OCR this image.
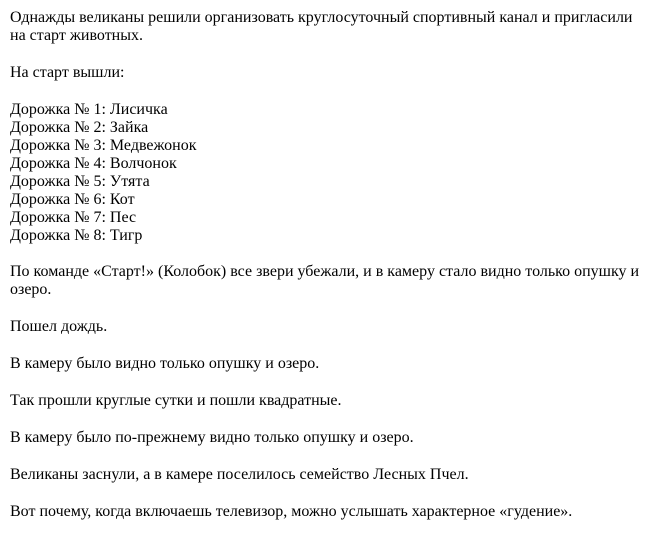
Однажды великаны решили организовать круглосуточный спортивный канал и пригласили на старт животных.

На старт вышли:

Дорожка № 1: Лисичка
Дорожка № 2: Зайка
Дорожка № 3: Медвежонок
Дорожка № 4: Волчонок
Дорожка № 5: Утята
Дорожка № 6: Кот
Дорожка № 7: Пес
Дорожка № 8: Тигр

По команде «Старт!» (Колобок) все звери убежали, и в камеру стало видно только опушку и озеро.

Пошел дождь.

В камеру было видно только опушку и озеро.

Так прошли круглые сутки и пошли квадратные.

В камеру было по-прежнему видно только опушку и озеро.

Великаны заснули, а в камере поселилось семейство Лесных Пчел.

Вот почему, когда включаешь телевизор, можно услышать характерное «гудение».
